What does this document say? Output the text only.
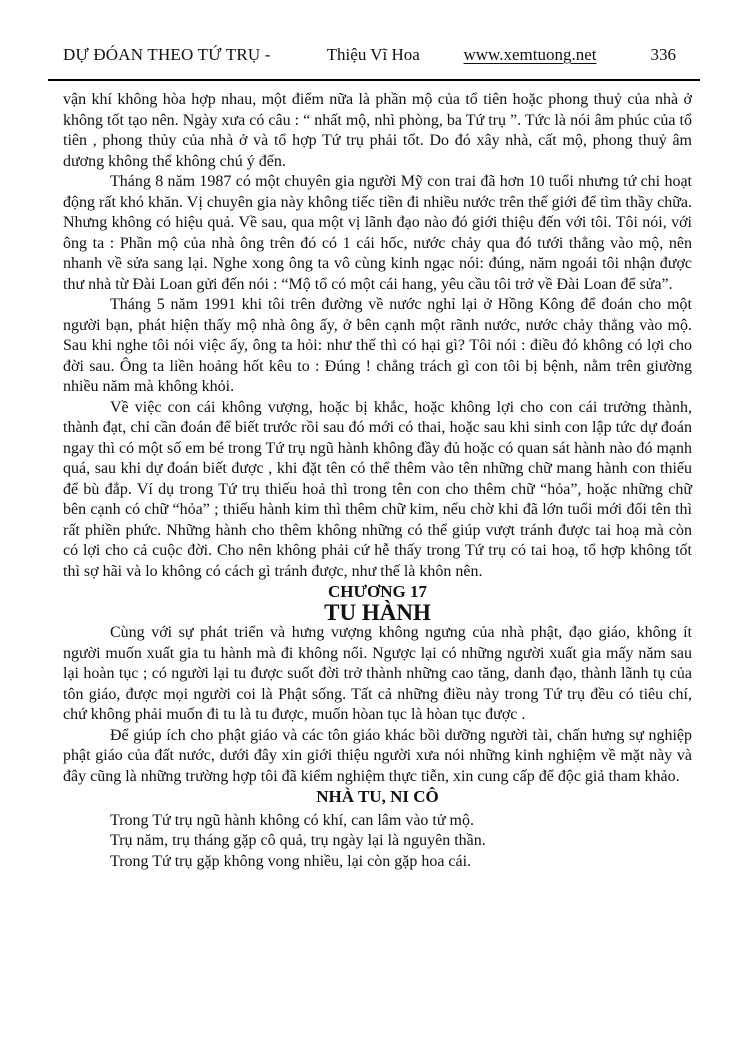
DỰ ĐÓAN THEO TỨ TRỤ -	Thiệu Vĩ Hoa	www.xemtuong.net	336

vận khí không hòa hợp nhau, một điểm nữa là phần mộ của tổ tiên hoặc phong thuỷ của nhà ở không tốt tạo nên. Ngày xưa có câu : “ nhất mộ, nhì phòng, ba Tứ trụ ”. Tức là nói âm phúc của tổ tiên , phong thủy của nhà ở và tổ hợp Tứ trụ phải tốt. Do đó xây nhà, cất mộ, phong thuỷ âm dương không thể không chú ý đến.

Tháng 8 năm 1987 có một chuyên gia người Mỹ con trai đã hơn 10 tuổi nhưng tứ chi hoạt động rất khó khăn. Vị chuyên gia này không tiếc tiền đi nhiều nước trên thế giới để tìm thầy chữa. Nhưng không có hiệu quả. Về sau, qua một vị lãnh đạo nào đó giới thiệu đến với tôi. Tôi nói, với ông ta : Phần mộ của nhà ông trên đó có 1 cái hốc, nước chảy qua đó tưới thẳng vào mộ, nên nhanh về sửa sang lại. Nghe xong ông ta vô cùng kinh ngạc nói: đúng, năm ngoái tôi nhận được thư nhà từ Đài Loan gửi đến nói : “Mộ tổ có một cái hang, yêu cầu tôi trở về Đài Loan để sửa”.

Tháng 5 năm 1991 khi tôi trên đường về nước nghỉ lại ở Hồng Kông để đoán cho một người bạn, phát hiện thấy mộ nhà ông ấy, ở bên cạnh một rãnh nước, nước chảy thẳng vào mộ. Sau khi nghe tôi nói việc ấy, ông ta hỏi: như thế thì có hại gì? Tôi nói : điều đó không có lợi cho đời sau. Ông ta liền hoảng hốt kêu to : Đúng ! chẳng trách gì con tôi bị bệnh, nằm trên giường nhiều năm mà không khỏi.

Về việc con cái không vượng, hoặc bị khắc, hoặc không lợi cho con cái trưởng thành, thành đạt, chỉ cần đoán để biết trước rồi sau đó mới có thai, hoặc sau khi sinh con lập tức dự đoán ngay thì có một số em bé trong Tứ trụ ngũ hành không đầy đủ hoặc có quan sát hành nào đó mạnh quá, sau khi dự đoán biết được , khi đặt tên có thể thêm vào tên những chữ mang hành con thiếu để bù đắp. Ví dụ trong Tứ trụ thiếu hoả thì trong tên con cho thêm chữ “hỏa”, hoặc những chữ bên cạnh có chữ “hỏa” ; thiếu hành kim thì thêm chữ kim, nếu chờ khi đã lớn tuổi mới đổi tên thì rất phiền phức. Những hành cho thêm không những có thể giúp vượt tránh được tai hoạ mà còn có lợi cho cả cuộc đời. Cho nên không phải cứ hễ thấy trong Tứ trụ có tai hoạ, tổ hợp không tốt thì sợ hãi và lo không có cách gì tránh được, như thế là khôn nên.

CHƯƠNG 17

TU HÀNH

Cùng với sự phát triển và hưng vượng không ngưng của nhà phật, đạo giáo, không ít người muốn xuất gia tu hành mà đi không nổi. Ngược lại có những người xuất gia mấy năm sau lại hoàn tục ; có người lại tu được suốt đời trở thành những cao tăng, danh đạo, thành lãnh tụ của tôn giáo, được mọi người coi là Phật sống. Tất cả những điều này trong Tứ trụ đều có tiêu chí, chứ không phải muốn đi tu là tu được, muốn hòan tục là hòan tục được .

Để giúp ích cho phật giáo và các tôn giáo khác bồi dưỡng người tài, chấn hưng sự nghiệp phật giáo của đất nước, dưới đây xin giới thiệu người xưa nói những kinh nghiệm về mặt này và đây cũng là những trường hợp tôi đã kiểm nghiệm thực tiễn, xin cung cấp để độc giả tham khảo.

NHÀ TU, NI CÔ

Trong Tứ trụ ngũ hành không có khí, can lâm vào tử mộ.
Trụ năm, trụ tháng gặp cô quả, trụ ngày lại là nguyên thần.
Trong Tứ trụ gặp không vong nhiều, lại còn gặp hoa cái.
